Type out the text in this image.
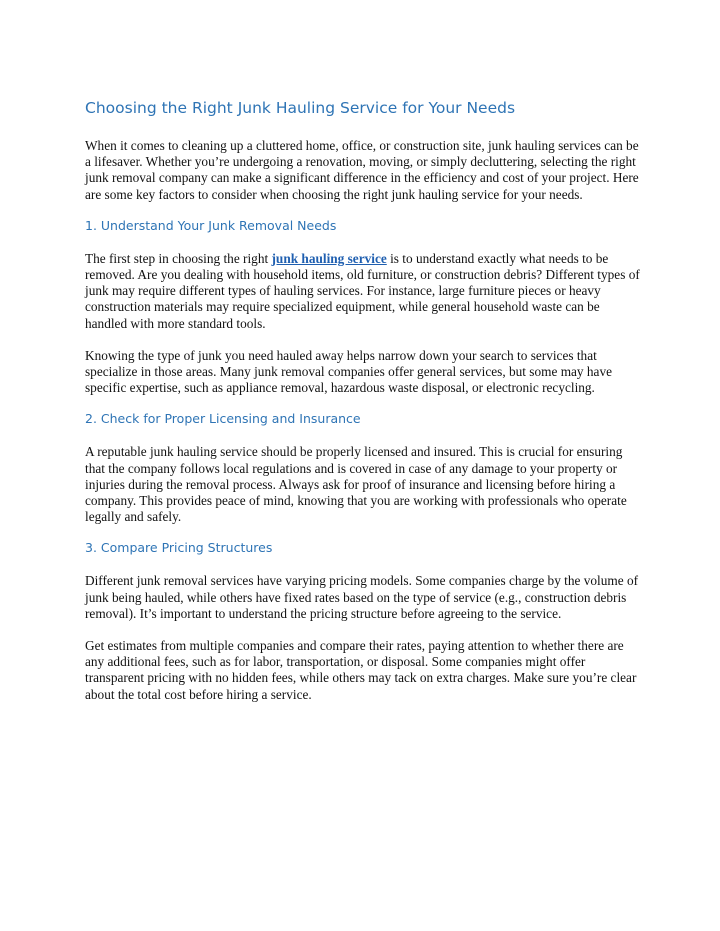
Choosing the Right Junk Hauling Service for Your Needs

When it comes to cleaning up a cluttered home, office, or construction site, junk hauling services can be a lifesaver. Whether you’re undergoing a renovation, moving, or simply decluttering, selecting the right junk removal company can make a significant difference in the efficiency and cost of your project. Here are some key factors to consider when choosing the right junk hauling service for your needs.

1. Understand Your Junk Removal Needs

The first step in choosing the right junk hauling service is to understand exactly what needs to be removed. Are you dealing with household items, old furniture, or construction debris? Different types of junk may require different types of hauling services. For instance, large furniture pieces or heavy construction materials may require specialized equipment, while general household waste can be handled with more standard tools.

Knowing the type of junk you need hauled away helps narrow down your search to services that specialize in those areas. Many junk removal companies offer general services, but some may have specific expertise, such as appliance removal, hazardous waste disposal, or electronic recycling.

2. Check for Proper Licensing and Insurance

A reputable junk hauling service should be properly licensed and insured. This is crucial for ensuring that the company follows local regulations and is covered in case of any damage to your property or injuries during the removal process. Always ask for proof of insurance and licensing before hiring a company. This provides peace of mind, knowing that you are working with professionals who operate legally and safely.

3. Compare Pricing Structures

Different junk removal services have varying pricing models. Some companies charge by the volume of junk being hauled, while others have fixed rates based on the type of service (e.g., construction debris removal). It’s important to understand the pricing structure before agreeing to the service.

Get estimates from multiple companies and compare their rates, paying attention to whether there are any additional fees, such as for labor, transportation, or disposal. Some companies might offer transparent pricing with no hidden fees, while others may tack on extra charges. Make sure you’re clear about the total cost before hiring a service.
